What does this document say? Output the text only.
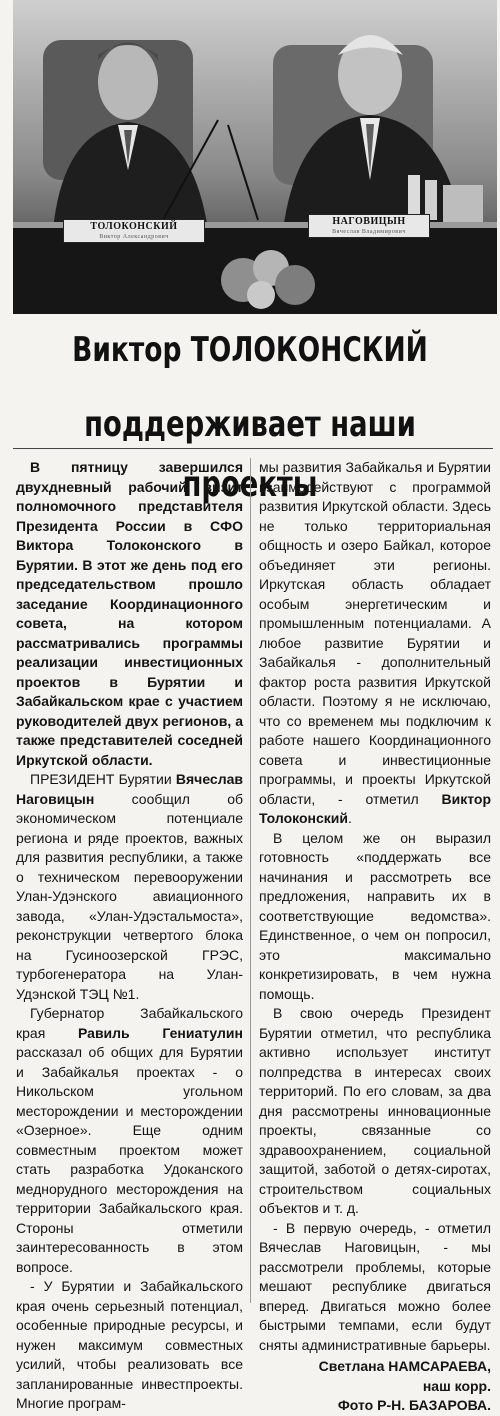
ТОЛОКОНСКИЙ
Виктор Александрович
НАГОВИЦЫН
Вячеслав Владимирович
Виктор ТОЛОКОНСКИЙ
поддерживает наши проекты

В пятницу завершился двухдневный рабочий визит полномочного представителя Президента России в СФО Виктора Толоконского в Бурятии. В этот же день под его председательством прошло заседание Координационного совета, на котором рассматривались программы реализации инвестиционных проектов в Бурятии и Забайкальском крае с участием руководителей двух регионов, а также представителей соседней Иркутской области.

ПРЕЗИДЕНТ Бурятии Вячеслав Наговицын сообщил об экономическом потенциале региона и ряде проектов, важных для развития республики, а также о техническом перевооружении Улан-Удэнского авиационного завода, «Улан-Удэстальмоста», реконструкции четвертого блока на Гусиноозерской ГРЭС, турбогенератора на Улан-Удэнской ТЭЦ №1.

Губернатор Забайкальского края Равиль Гениатулин рассказал об общих для Бурятии и Забайкалья проектах - о Никольском угольном месторождении и месторождении «Озерное». Еще одним совместным проектом может стать разработка Удоканского меднорудного месторождения на территории Забайкальского края. Стороны отметили заинтересованность в этом вопросе.

- У Бурятии и Забайкальского края очень серьезный потенциал, особенные природные ресурсы, и нужен максимум совместных усилий, чтобы реализовать все запланированные инвестпроекты. Многие програм-

мы развития Забайкалья и Бурятии взаимодействуют с программой развития Иркутской области. Здесь не только территориальная общность и озеро Байкал, которое объединяет эти регионы. Иркутская область обладает особым энергетическим и промышленным потенциалами. А любое развитие Бурятии и Забайкалья - дополнительный фактор роста развития Иркутской области. Поэтому я не исключаю, что со временем мы подключим к работе нашего Координационного совета и инвестиционные программы, и проекты Иркутской области, - отметил Виктор Толоконский.

В целом же он выразил готовность «поддержать все начинания и рассмотреть все предложения, направить их в соответствующие ведомства». Единственное, о чем он попросил, это максимально конкретизировать, в чем нужна помощь.

В свою очередь Президент Бурятии отметил, что республика активно использует институт полпредства в интересах своих территорий. По его словам, за два дня рассмотрены инновационные проекты, связанные со здравоохранением, социальной защитой, заботой о детях-сиротах, строительством социальных объектов и т. д.

- В первую очередь, - отметил Вячеслав Наговицын, - мы рассмотрели проблемы, которые мешают республике двигаться вперед. Двигаться можно более быстрыми темпами, если будут сняты административные барьеры.

Светлана НАМСАРАЕВА,
наш корр.
Фото Р-Н. БАЗАРОВА.
